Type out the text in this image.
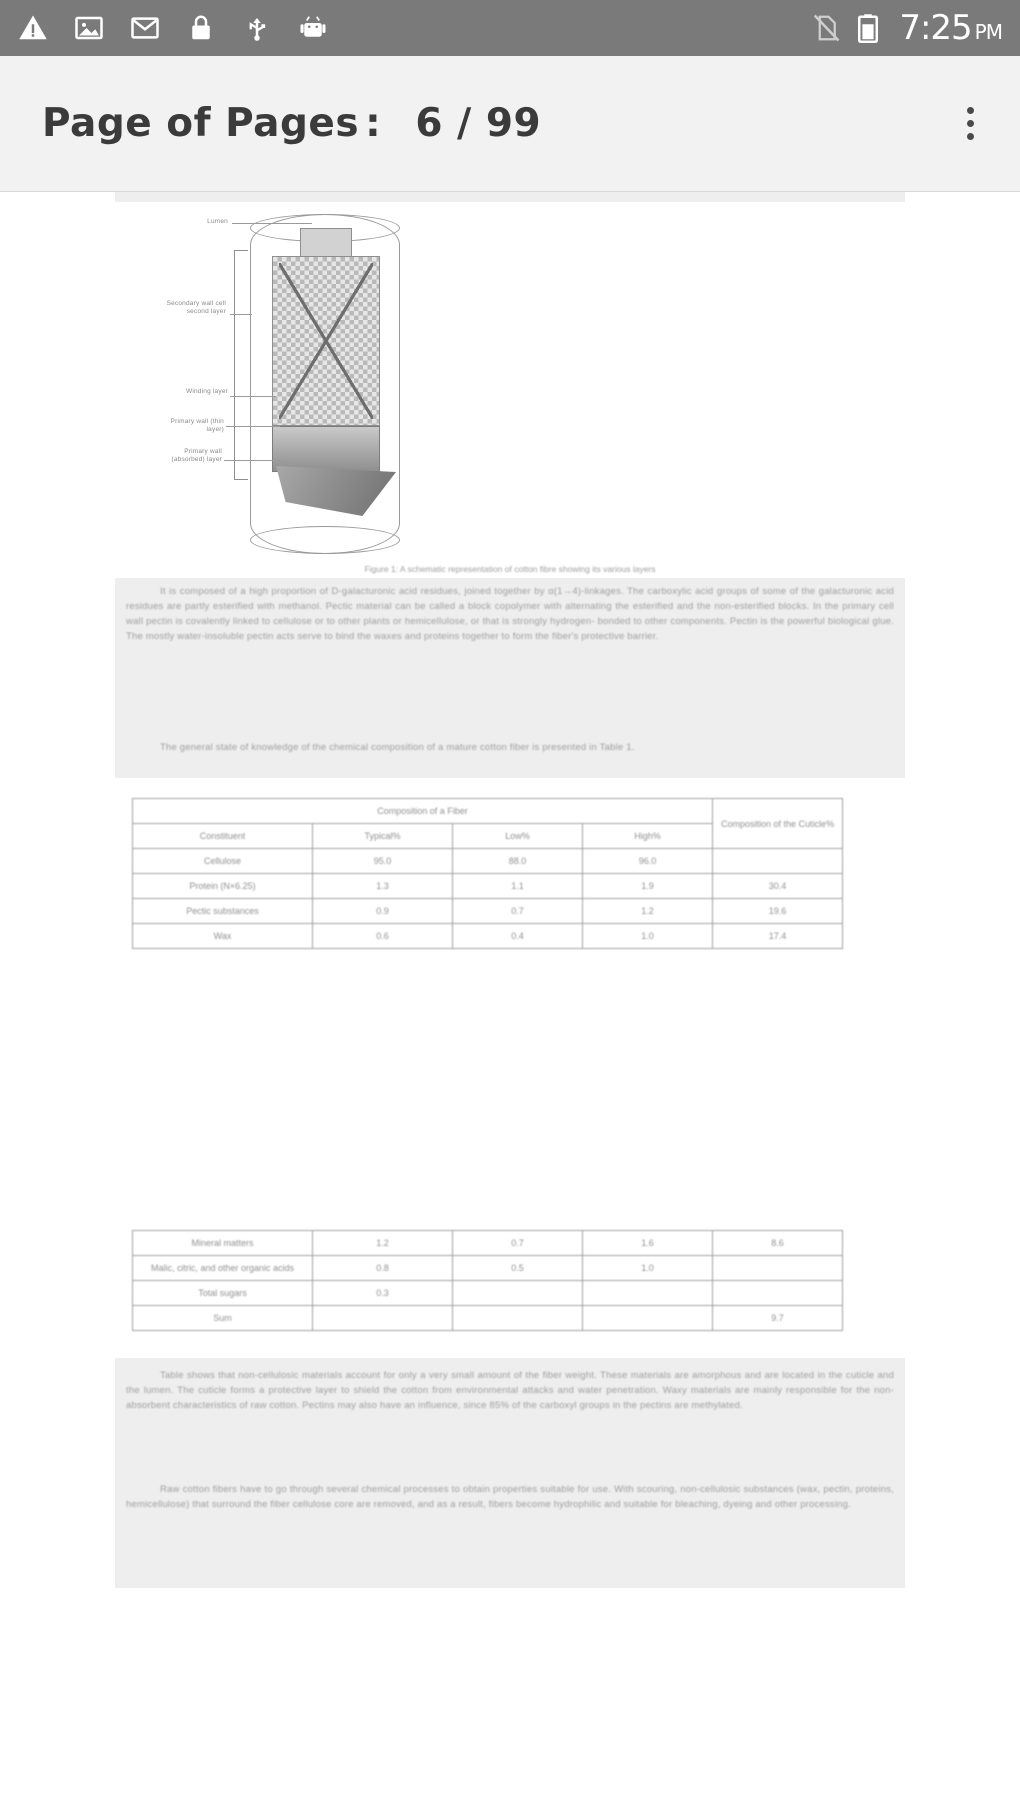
7:25 PM
Page of Pages : 6 / 99
Lumen
Secondary wall cell second layer
Winding layer
Primary wall (thin layer)
Primary wall (absorbed) layer
Figure 1: A schematic representation of cotton fibre showing its various layers
It is composed of a high proportion of D-galacturonic acid residues, joined together by α(1→4)-linkages. The carboxylic acid groups of some of the galacturonic acid residues are partly esterified with methanol. Pectic material can be called a block copolymer with alternating the esterified and the non-esterified blocks. In the primary cell wall pectin is covalently linked to cellulose or to other plants or hemicellulose, or that is strongly hydrogen- bonded to other components. Pectin is the powerful biological glue. The mostly water-insoluble pectin acts serve to bind the waxes and proteins together to form the fiber's protective barrier.
The general state of knowledge of the chemical composition of a mature cotton fiber is presented in Table 1.
Composition of a Fiber				Composition of the Cuticle%
Constituent	Typical%	Low%	High%	
Cellulose	95.0	88.0	96.0	
Protein (N×6.25)	1.3	1.1	1.9	30.4
Pectic substances	0.9	0.7	1.2	19.6
Wax	0.6	0.4	1.0	17.4
Mineral matters	1.2	0.7	1.6	8.6
Malic, citric, and other organic acids	0.8	0.5	1.0	
Total sugars	0.3			
Sum				9.7
Table shows that non-cellulosic materials account for only a very small amount of the fiber weight. These materials are amorphous and are located in the cuticle and the lumen. The cuticle forms a protective layer to shield the cotton from environmental attacks and water penetration. Waxy materials are mainly responsible for the non-absorbent characteristics of raw cotton. Pectins may also have an influence, since 85% of the carboxyl groups in the pectins are methylated.
Raw cotton fibers have to go through several chemical processes to obtain properties suitable for use. With scouring, non-cellulosic substances (wax, pectin, proteins, hemicellulose) that surround the fiber cellulose core are removed, and as a result, fibers become hydrophilic and suitable for bleaching, dyeing and other processing.
